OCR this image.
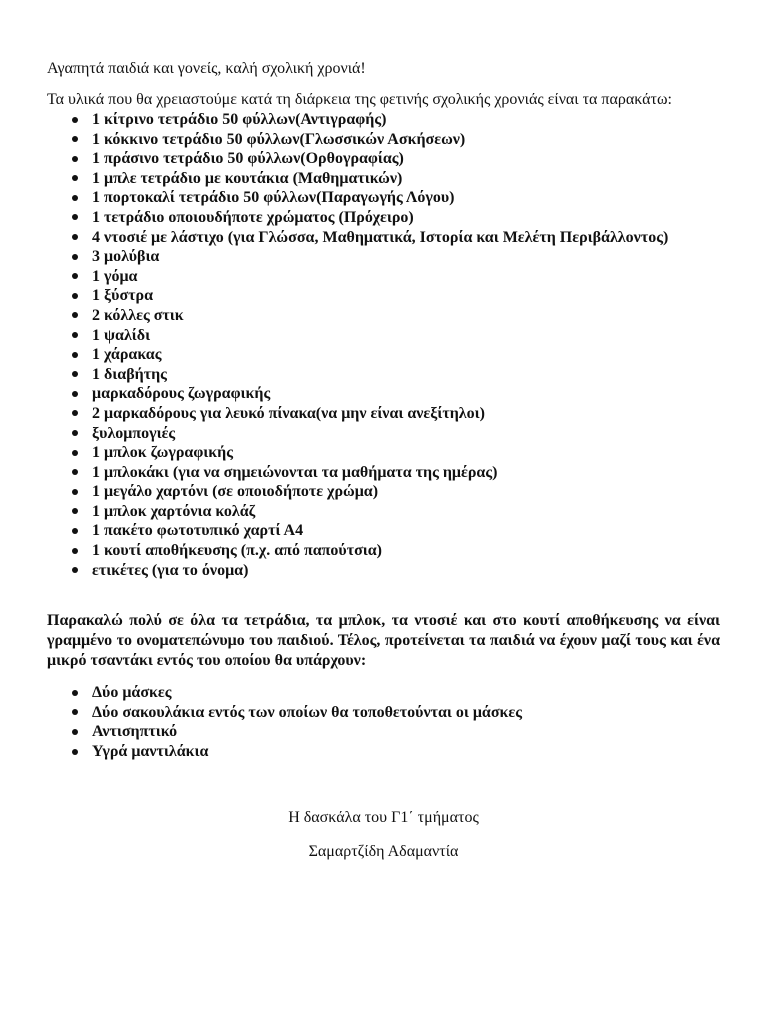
Αγαπητά παιδιά και γονείς, καλή σχολική χρονιά!

Τα υλικά που θα χρειαστούμε κατά τη διάρκεια της φετινής σχολικής χρονιάς είναι τα παρακάτω:

1 κίτρινο τετράδιο 50 φύλλων(Αντιγραφής)
1 κόκκινο τετράδιο 50 φύλλων(Γλωσσικών Ασκήσεων)
1 πράσινο τετράδιο 50 φύλλων(Ορθογραφίας)
1 μπλε τετράδιο με κουτάκια (Μαθηματικών)
1 πορτοκαλί τετράδιο 50 φύλλων(Παραγωγής Λόγου)
1 τετράδιο οποιουδήποτε χρώματος (Πρόχειρο)
4 ντοσιέ με λάστιχο (για Γλώσσα, Μαθηματικά, Ιστορία και Μελέτη Περιβάλλοντος)
3 μολύβια
1 γόμα
1 ξύστρα
2 κόλλες στικ
1 ψαλίδι
1 χάρακας
1 διαβήτης
μαρκαδόρους ζωγραφικής
2 μαρκαδόρους για λευκό πίνακα(να μην είναι ανεξίτηλοι)
ξυλομπογιές
1 μπλοκ ζωγραφικής
1 μπλοκάκι (για να σημειώνονται τα μαθήματα της ημέρας)
1 μεγάλο χαρτόνι (σε οποιοδήποτε χρώμα)
1 μπλοκ χαρτόνια κολάζ
1 πακέτο φωτοτυπικό χαρτί Α4
1 κουτί αποθήκευσης (π.χ. από παπούτσια)
ετικέτες (για το όνομα)

Παρακαλώ πολύ σε όλα τα τετράδια, τα μπλοκ, τα ντοσιέ και στο κουτί αποθήκευσης να είναι γραμμένο το ονοματεπώνυμο του παιδιού. Τέλος, προτείνεται τα παιδιά να έχουν μαζί τους και ένα μικρό τσαντάκι εντός του οποίου θα υπάρχουν:

Δύο μάσκες
Δύο σακουλάκια εντός των οποίων θα τοποθετούνται οι μάσκες
Αντισηπτικό
Υγρά μαντιλάκια

Η δασκάλα του Γ1΄ τμήματος

Σαμαρτζίδη Αδαμαντία
